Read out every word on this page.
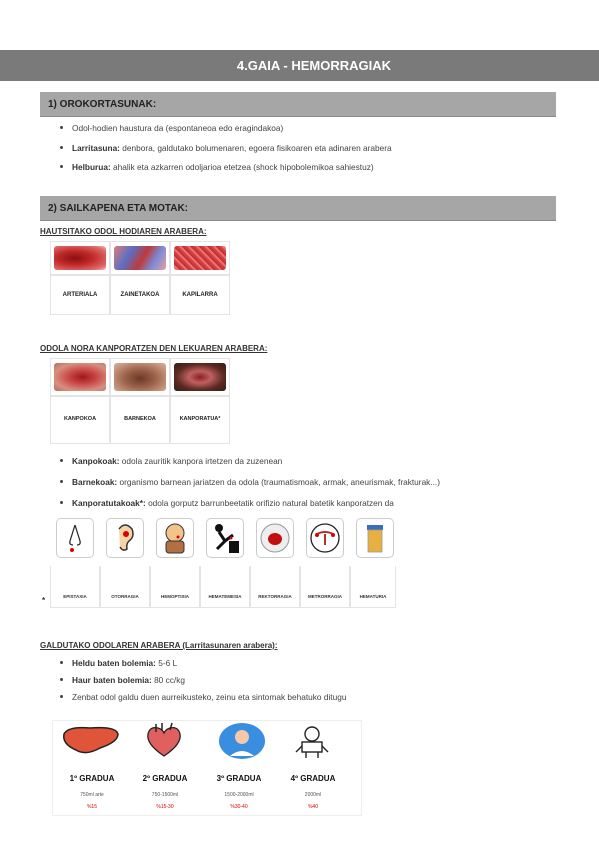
4.GAIA - HEMORRAGIAK
1) OROKORTASUNAK:
Odol-hodien haustura da (espontaneoa edo eragindakoa)
Larritasuna: denbora, galdutako bolumenaren, egoera fisikoaren eta adinaren arabera
Helburua: ahalik eta azkarren odoljarioa etetzea (shock hipobolemikoa sahiestuz)
2) SAILKAPENA ETA MOTAK:
HAUTSITAKO ODOL HODIAREN ARABERA:
ARTERIALA	ZAINETAKOA	KAPILARRA
ODOLA NORA KANPORATZEN DEN LEKUAREN ARABERA:
KANPOKOA	BARNEKOA	KANPORATUA*
Kanpokoak: odola zauritik kanpora irtetzen da zuzenean
Barnekoak: organismo barnean jariatzen da odola (traumatismoak, armak, aneurismak, frakturak...)
Kanporatutakoak*: odola gorputz barrunbeetatik orifizio natural batetik kanporatzen da
EPISTAXIA	OTORRAGIA	HEMOPTISIA	HEMATEMESIA	REKTORRAGIA	METRORRAGIA	HEMATURIA
*
GALDUTAKO ODOLAREN ARABERA (Larritasunaren arabera):
Heldu baten bolemia: 5-6 L
Haur baten bolemia: 80 cc/kg
Zenbat odol galdu duen aurreikusteko, zeinu eta sintomak behatuko ditugu
1º GRADUA	2º GRADUA	3º GRADUA	4º GRADUA
750ml arte	750-1500ml	1500-2000ml	2000ml
%15	%15-30	%30-40	%40
